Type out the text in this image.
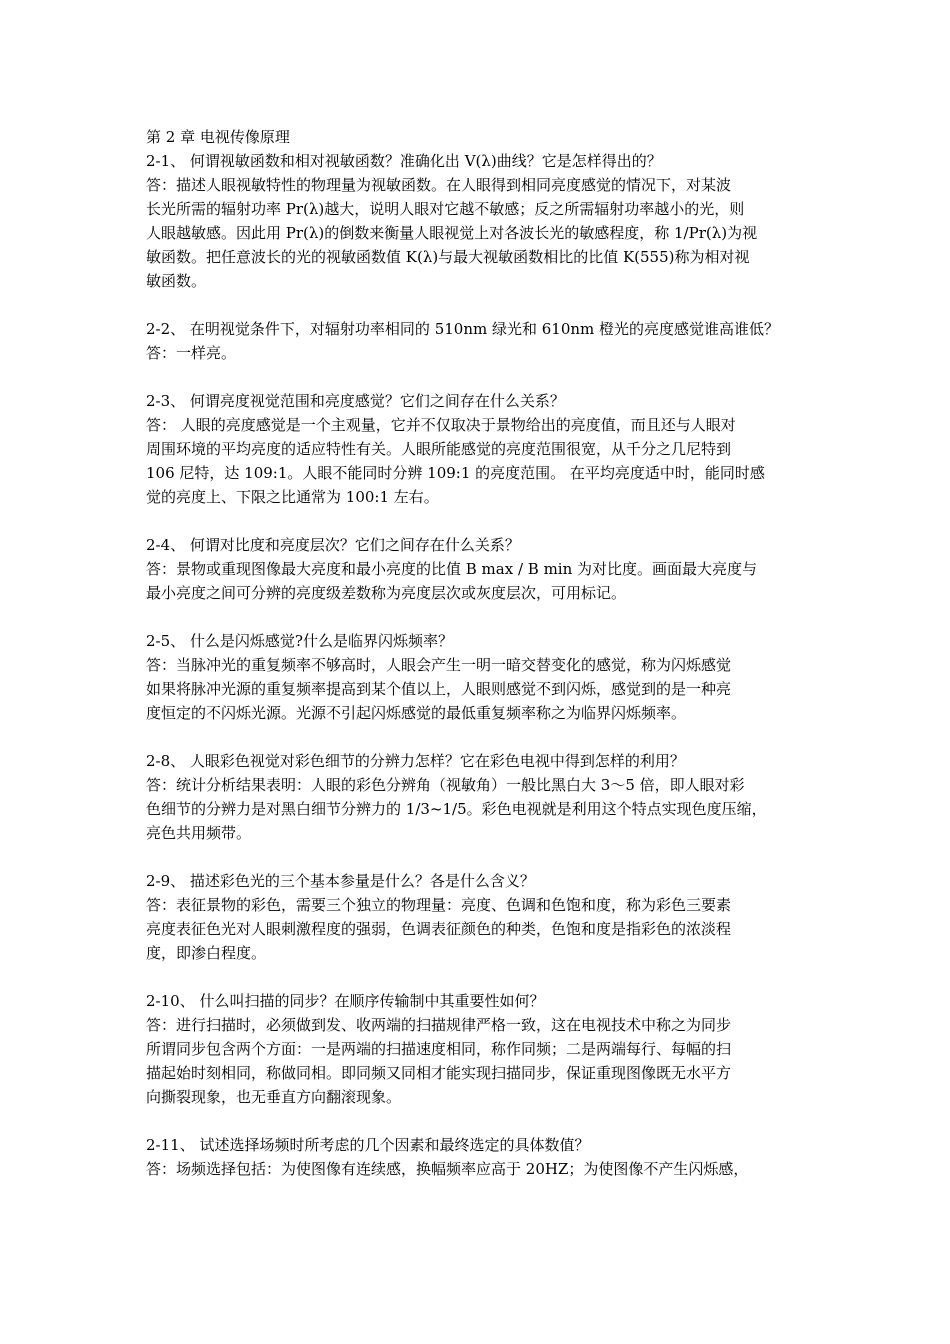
第 2 章 电视传像原理
2-1、 何谓视敏函数和相对视敏函数？准确化出 V(λ)曲线？它是怎样得出的？
答：描述人眼视敏特性的物理量为视敏函数。在人眼得到相同亮度感觉的情况下，对某波
长光所需的辐射功率 Pr(λ)越大，说明人眼对它越不敏感；反之所需辐射功率越小的光，则
人眼越敏感。因此用 Pr(λ)的倒数来衡量人眼视觉上对各波长光的敏感程度，称 1/Pr(λ)为视
敏函数。把任意波长的光的视敏函数值 K(λ)与最大视敏函数相比的比值 K(555)称为相对视
敏函数。
2-2、 在明视觉条件下，对辐射功率相同的 510nm 绿光和 610nm 橙光的亮度感觉谁高谁低？
答：一样亮。
2-3、 何谓亮度视觉范围和亮度感觉？它们之间存在什么关系？
答： 人眼的亮度感觉是一个主观量，它并不仅取决于景物给出的亮度值，而且还与人眼对
周围环境的平均亮度的适应特性有关。人眼所能感觉的亮度范围很宽，从千分之几尼特到
106 尼特，达 109:1。人眼不能同时分辨 109:1 的亮度范围。 在平均亮度适中时，能同时感
觉的亮度上、下限之比通常为 100:1 左右。
2-4、 何谓对比度和亮度层次？它们之间存在什么关系？
答：景物或重现图像最大亮度和最小亮度的比值 B max / B min 为对比度。画面最大亮度与
最小亮度之间可分辨的亮度级差数称为亮度层次或灰度层次，可用标记。
2-5、 什么是闪烁感觉?什么是临界闪烁频率？
答：当脉冲光的重复频率不够高时，人眼会产生一明一暗交替变化的感觉，称为闪烁感觉
如果将脉冲光源的重复频率提高到某个值以上，人眼则感觉不到闪烁，感觉到的是一种亮
度恒定的不闪烁光源。光源不引起闪烁感觉的最低重复频率称之为临界闪烁频率。
2-8、 人眼彩色视觉对彩色细节的分辨力怎样？它在彩色电视中得到怎样的利用？
答：统计分析结果表明：人眼的彩色分辨角（视敏角）一般比黑白大 3～5 倍，即人眼对彩
色细节的分辨力是对黑白细节分辨力的 1/3~1/5。彩色电视就是利用这个特点实现色度压缩，
亮色共用频带。
2-9、 描述彩色光的三个基本参量是什么？各是什么含义？
答：表征景物的彩色，需要三个独立的物理量：亮度、色调和色饱和度，称为彩色三要素
亮度表征色光对人眼刺激程度的强弱，色调表征颜色的种类，色饱和度是指彩色的浓淡程
度，即渗白程度。
2-10、 什么叫扫描的同步？在顺序传输制中其重要性如何？
答：进行扫描时，必须做到发、收两端的扫描规律严格一致，这在电视技术中称之为同步
所谓同步包含两个方面：一是两端的扫描速度相同，称作同频；二是两端每行、每幅的扫
描起始时刻相同，称做同相。即同频又同相才能实现扫描同步，保证重现图像既无水平方
向撕裂现象，也无垂直方向翻滚现象。
2-11、 试述选择场频时所考虑的几个因素和最终选定的具体数值？
答：场频选择包括：为使图像有连续感，换幅频率应高于 20HZ；为使图像不产生闪烁感，
